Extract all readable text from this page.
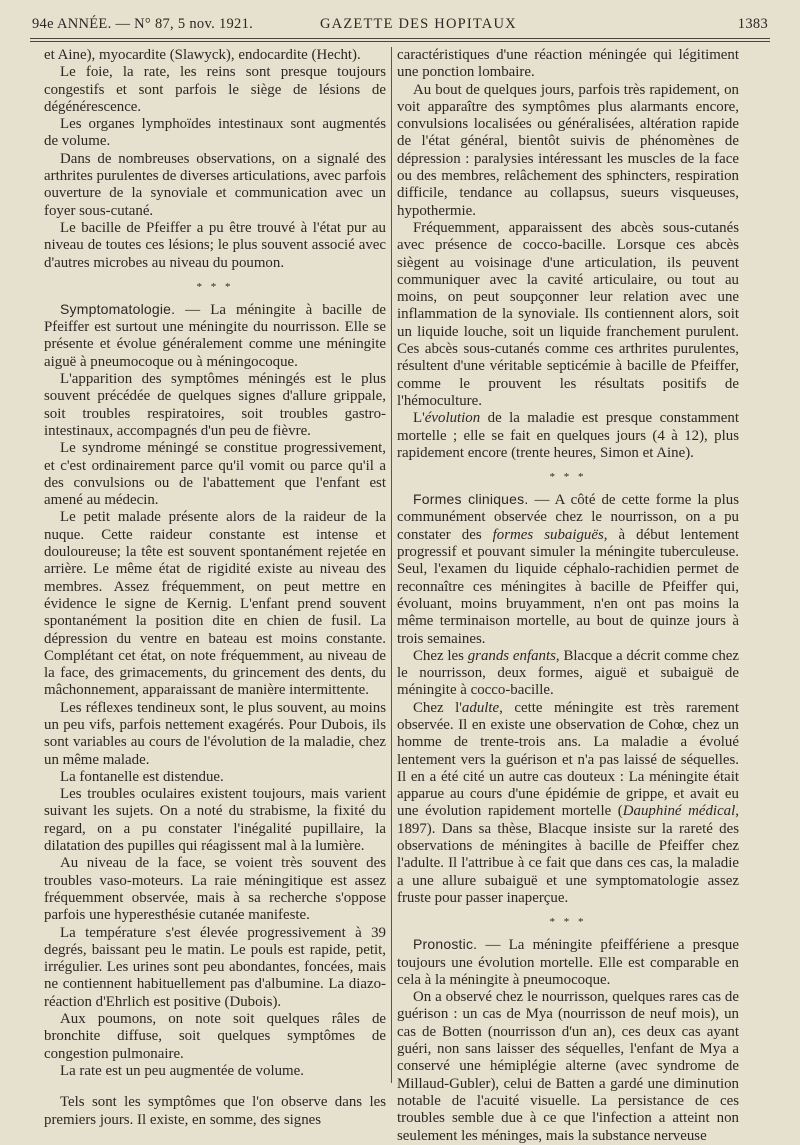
94e ANNÉE. — N° 87, 5 nov. 1921.	GAZETTE DES HOPITAUX	1383

et Aine), myocardite (Slawyck), endocardite (Hecht).

Le foie, la rate, les reins sont presque toujours congestifs et sont parfois le siège de lésions de dégénérescence.

Les organes lymphoïdes intestinaux sont augmentés de volume.

Dans de nombreuses observations, on a signalé des arthrites purulentes de diverses articulations, avec parfois ouverture de la synoviale et communication avec un foyer sous-cutané.

Le bacille de Pfeiffer a pu être trouvé à l'état pur au niveau de toutes ces lésions; le plus souvent associé avec d'autres microbes au niveau du poumon.

* * *

Symptomatologie. — La méningite à bacille de Pfeiffer est surtout une méningite du nourrisson. Elle se présente et évolue généralement comme une méningite aiguë à pneumocoque ou à méningocoque.

L'apparition des symptômes méningés est le plus souvent précédée de quelques signes d'allure grippale, soit troubles respiratoires, soit troubles gastro-intestinaux, accompagnés d'un peu de fièvre.

Le syndrome méningé se constitue progressivement, et c'est ordinairement parce qu'il vomit ou parce qu'il a des convulsions ou de l'abattement que l'enfant est amené au médecin.

Le petit malade présente alors de la raideur de la nuque. Cette raideur constante est intense et douloureuse; la tête est souvent spontanément rejetée en arrière. Le même état de rigidité existe au niveau des membres. Assez fréquemment, on peut mettre en évidence le signe de Kernig. L'enfant prend souvent spontanément la position dite en chien de fusil. La dépression du ventre en bateau est moins constante. Complétant cet état, on note fréquemment, au niveau de la face, des grimacements, du grincement des dents, du mâchonnement, apparaissant de manière intermittente.

Les réflexes tendineux sont, le plus souvent, au moins un peu vifs, parfois nettement exagérés. Pour Dubois, ils sont variables au cours de l'évolution de la maladie, chez un même malade.

La fontanelle est distendue.

Les troubles oculaires existent toujours, mais varient suivant les sujets. On a noté du strabisme, la fixité du regard, on a pu constater l'inégalité pupillaire, la dilatation des pupilles qui réagissent mal à la lumière.

Au niveau de la face, se voient très souvent des troubles vaso-moteurs. La raie méningitique est assez fréquemment observée, mais à sa recherche s'oppose parfois une hyperesthésie cutanée manifeste.

La température s'est élevée progressivement à 39 degrés, baissant peu le matin. Le pouls est rapide, petit, irrégulier. Les urines sont peu abondantes, foncées, mais ne contiennent habituellement pas d'albumine. La diazo-réaction d'Ehrlich est positive (Dubois).

Aux poumons, on note soit quelques râles de bronchite diffuse, soit quelques symptômes de congestion pulmonaire.

La rate est un peu augmentée de volume.

Tels sont les symptômes que l'on observe dans les premiers jours. Il existe, en somme, des signes

caractéristiques d'une réaction méningée qui légitiment une ponction lombaire.

Au bout de quelques jours, parfois très rapidement, on voit apparaître des symptômes plus alarmants encore, convulsions localisées ou généralisées, altération rapide de l'état général, bientôt suivis de phénomènes de dépression : paralysies intéressant les muscles de la face ou des membres, relâchement des sphincters, respiration difficile, tendance au collapsus, sueurs visqueuses, hypothermie.

Fréquemment, apparaissent des abcès sous-cutanés avec présence de cocco-bacille. Lorsque ces abcès siègent au voisinage d'une articulation, ils peuvent communiquer avec la cavité articulaire, ou tout au moins, on peut soupçonner leur relation avec une inflammation de la synoviale. Ils contiennent alors, soit un liquide louche, soit un liquide franchement purulent. Ces abcès sous-cutanés comme ces arthrites purulentes, résultent d'une véritable septicémie à bacille de Pfeiffer, comme le prouvent les résultats positifs de l'hémoculture.

L'évolution de la maladie est presque constamment mortelle ; elle se fait en quelques jours (4 à 12), plus rapidement encore (trente heures, Simon et Aine).

* * *

Formes cliniques. — A côté de cette forme la plus communément observée chez le nourrisson, on a pu constater des formes subaiguës, à début lentement progressif et pouvant simuler la méningite tuberculeuse. Seul, l'examen du liquide céphalo-rachidien permet de reconnaître ces méningites à bacille de Pfeiffer qui, évoluant, moins bruyamment, n'en ont pas moins la même terminaison mortelle, au bout de quinze jours à trois semaines.

Chez les grands enfants, Blacque a décrit comme chez le nourrisson, deux formes, aiguë et subaiguë de méningite à cocco-bacille.

Chez l'adulte, cette méningite est très rarement observée. Il en existe une observation de Cohœ, chez un homme de trente-trois ans. La maladie a évolué lentement vers la guérison et n'a pas laissé de séquelles. Il en a été cité un autre cas douteux : La méningite était apparue au cours d'une épidémie de grippe, et avait eu une évolution rapidement mortelle (Dauphiné médical, 1897). Dans sa thèse, Blacque insiste sur la rareté des observations de méningites à bacille de Pfeiffer chez l'adulte. Il l'attribue à ce fait que dans ces cas, la maladie a une allure subaiguë et une symptomatologie assez fruste pour passer inaperçue.

* * *

Pronostic. — La méningite pfeiffériene a presque toujours une évolution mortelle. Elle est comparable en cela à la méningite à pneumocoque.

On a observé chez le nourrisson, quelques rares cas de guérison : un cas de Mya (nourrisson de neuf mois), un cas de Botten (nourrisson d'un an), ces deux cas ayant guéri, non sans laisser des séquelles, l'enfant de Mya a conservé une hémiplégie alterne (avec syndrome de Millaud-Gubler), celui de Batten a gardé une diminution notable de l'acuité visuelle. La persistance de ces troubles semble due à ce que l'infection a atteint non seulement les méninges, mais la substance nerveuse
